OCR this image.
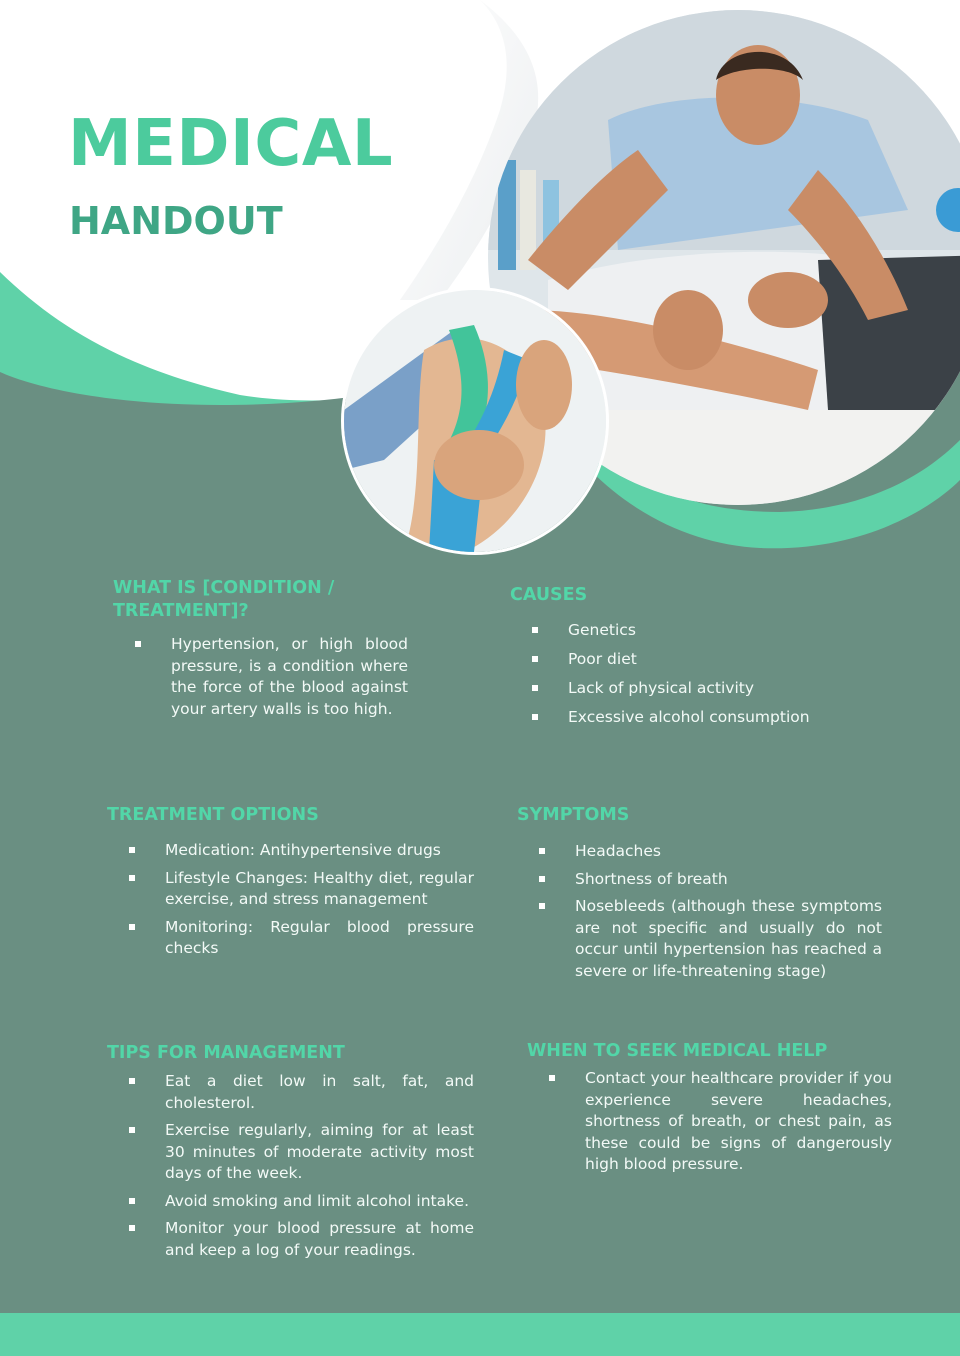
MEDICAL
HANDOUT
WHAT IS [CONDITION / TREATMENT]?
Hypertension, or high blood pressure, is a condition where the force of the blood against your artery walls is too high.
CAUSES
Genetics
Poor diet
Lack of physical activity
Excessive alcohol consumption
TREATMENT OPTIONS
Medication: Antihypertensive drugs
Lifestyle Changes: Healthy diet, regular exercise, and stress management
Monitoring: Regular blood pressure checks
SYMPTOMS
Headaches
Shortness of breath
Nosebleeds (although these symptoms are not specific and usually do not occur until hypertension has reached a severe or life-threatening stage)
TIPS FOR MANAGEMENT
Eat a diet low in salt, fat, and cholesterol.
Exercise regularly, aiming for at least 30 minutes of moderate activity most days of the week.
Avoid smoking and limit alcohol intake.
Monitor your blood pressure at home and keep a log of your readings.
WHEN TO SEEK MEDICAL HELP
Contact your healthcare provider if you experience severe headaches, shortness of breath, or chest pain, as these could be signs of dangerously high blood pressure.
